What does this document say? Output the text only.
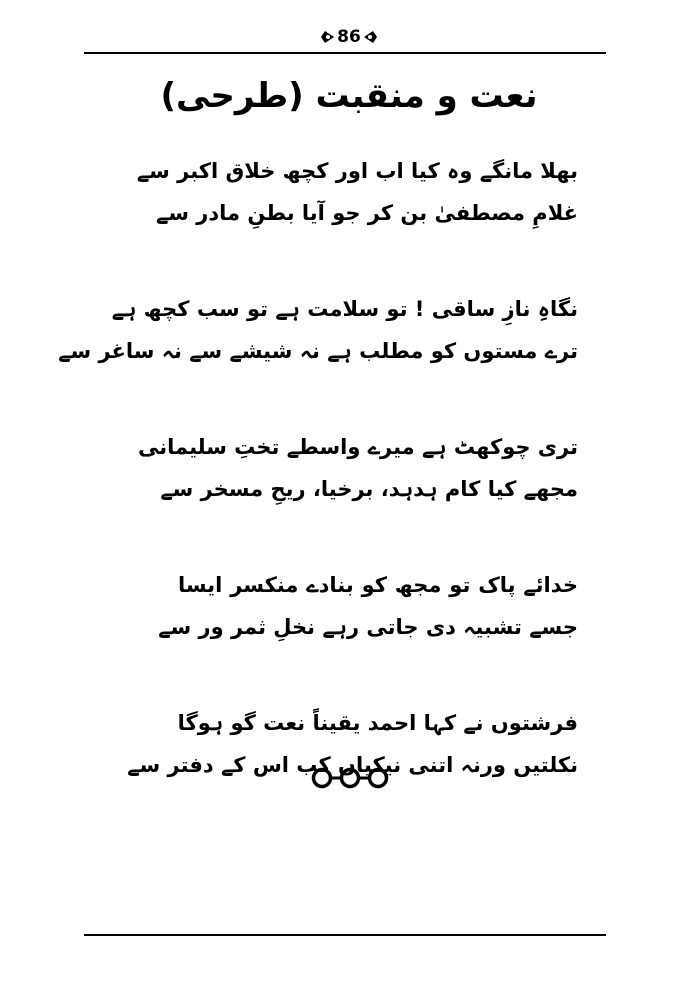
86
نعت و منقبت (طرحی)
بھلا مانگے وہ کیا اب اور کچھ خلاق اکبر سے
غلامِ مصطفیٰ بن کر جو آیا بطنِ مادر سے
نگاہِ نازِ ساقی ! تو سلامت ہے تو سب کچھ ہے
ترے مستوں کو مطلب ہے نہ شیشے سے نہ ساغر سے
تری چوکھٹ ہے میرے واسطے تختِ سلیمانی
مجھے کیا کام ہدہد، برخیا، ریحِ مسخر سے
خدائے پاک تو مجھ کو بنادے منکسر ایسا
جسے تشبیہ دی جاتی رہے نخلِ ثمر ور سے
فرشتوں نے کہا احمد یقیناً نعت گو ہوگا
نکلتیں ورنہ اتنی نیکیاں کب اس کے دفتر سے
